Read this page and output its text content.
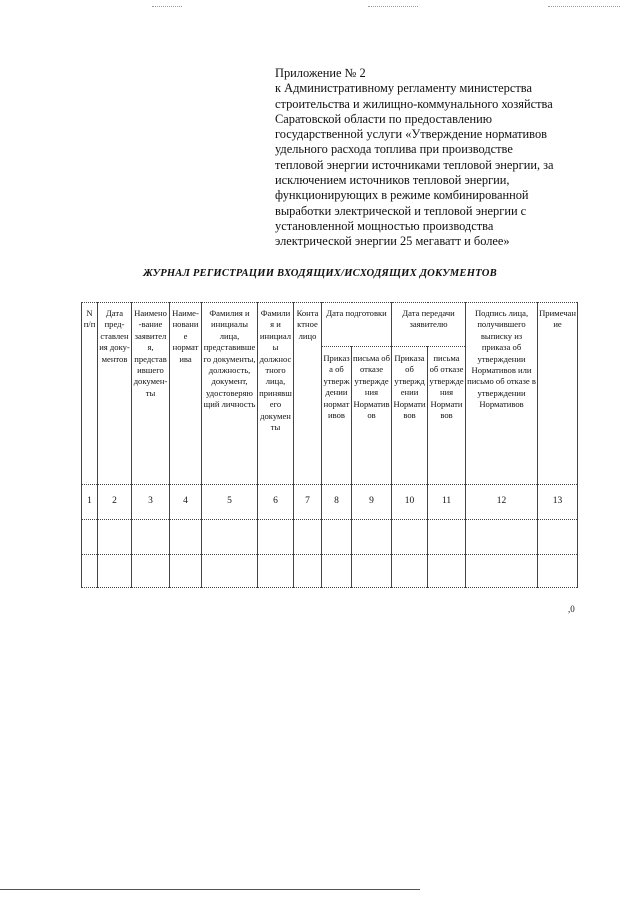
Приложение № 2
к Административному регламенту министерства
строительства и жилищно-коммунального хозяйства
Саратовской области по предоставлению
государственной услуги «Утверждение нормативов
удельного расхода топлива при производстве
тепловой энергии источниками тепловой энергии, за
исключением источников тепловой энергии,
функционирующих в режиме комбинированной
выработки электрической и тепловой энергии с
установленной мощностью производства
электрической энергии 25 мегаватт и более»
ЖУРНАЛ РЕГИСТРАЦИИ ВХОДЯЩИХ/ИСХОДЯЩИХ ДОКУМЕНТОВ
N п/п	Дата пред-ставления доку-ментов	Наимено-вание заявителя, представившего докумен-ты	Наиме-нование норматива	Фамилия и инициалы лица, представившего документы, должность, документ, удостоверяющий личность	Фамилия и инициалы должностного лица, принявшего документы	Контактное лицо	Дата подготовки		Дата передачи заявителю		Подпись лица, получившего выписку из приказа об утверждении Нормативов или письмо об отказе в утверждении Нормативов	Примечание
							Приказа об утверждении нормативов	письма об отказе утверждения Нормативов	Приказа об утверждении Нормативов	письма об отказе утверждения Нормативов		
1	2	3	4	5	6	7	8	9	10	11	12	13

,0
